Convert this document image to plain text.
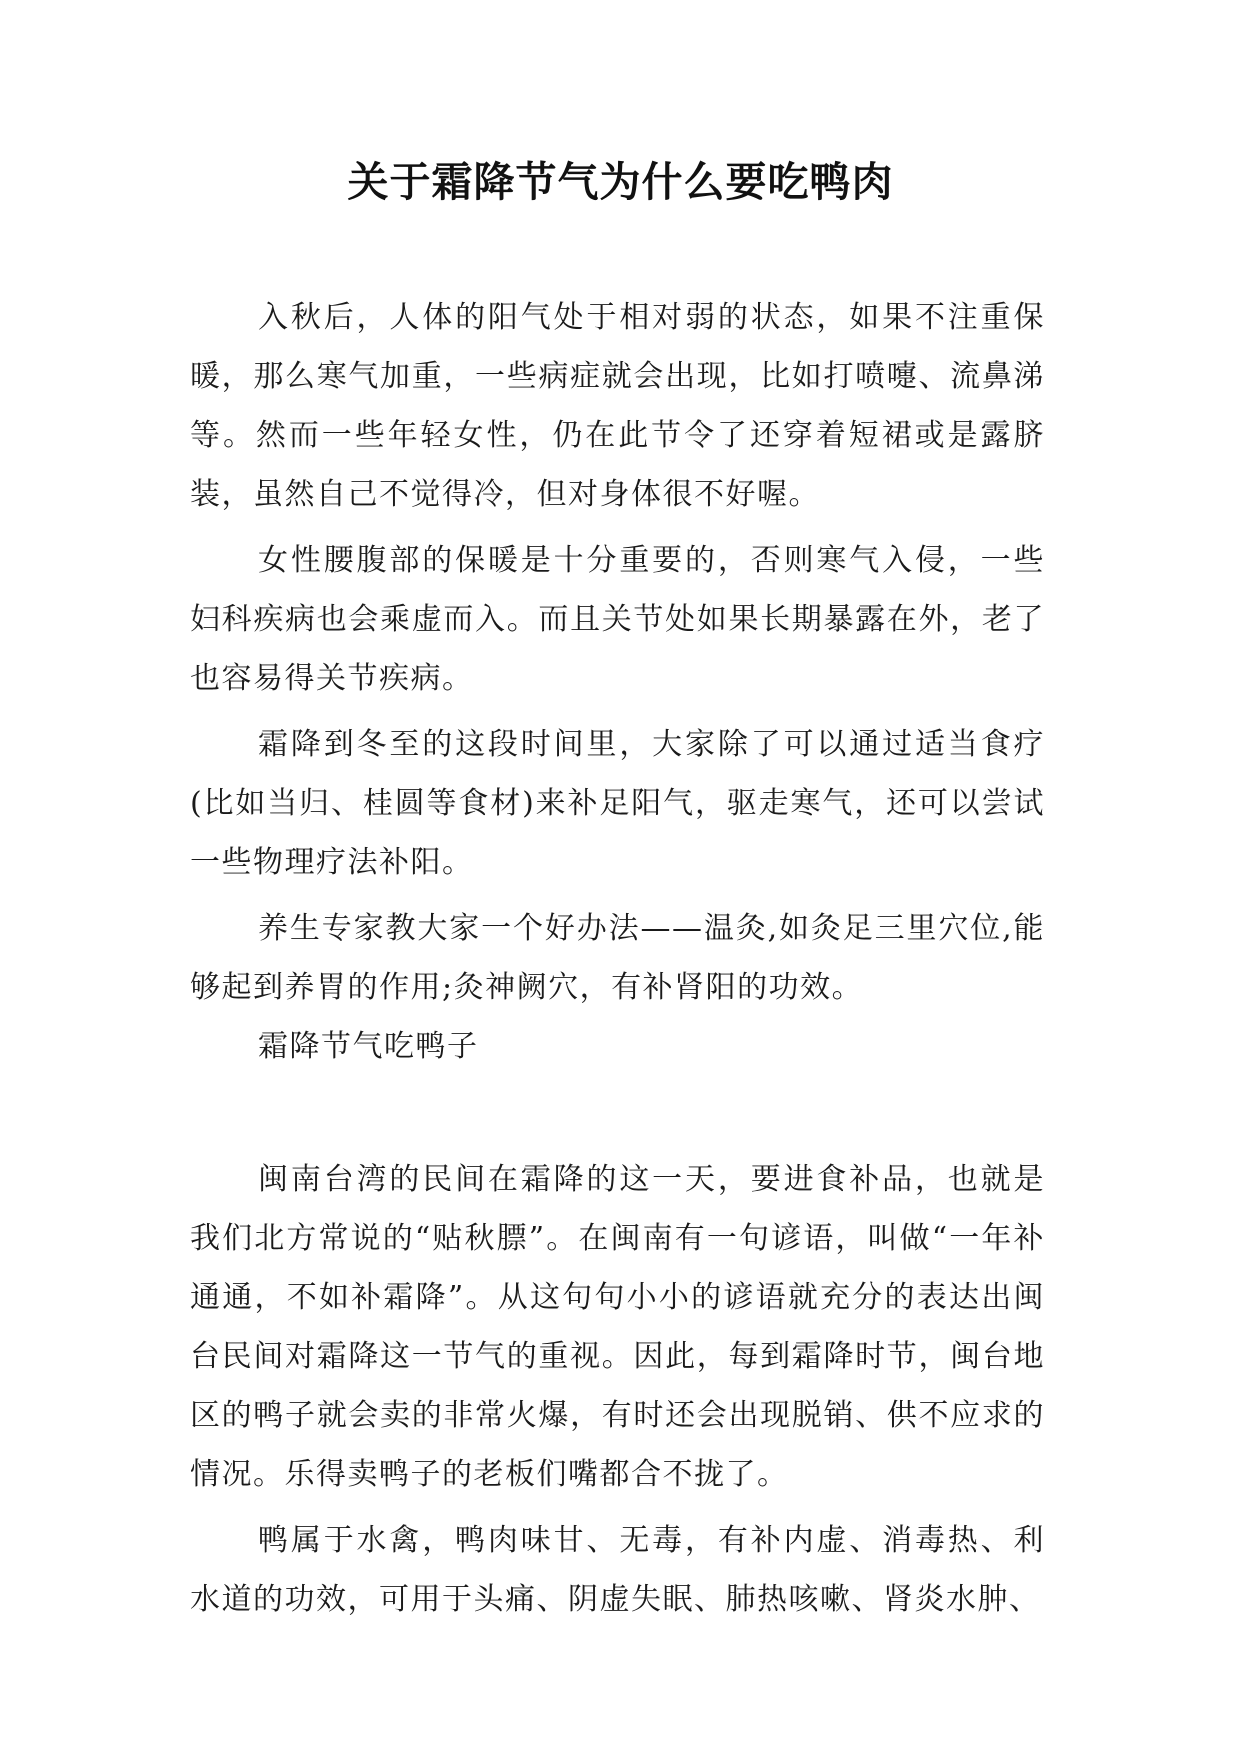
关于霜降节气为什么要吃鸭肉

入秋后，人体的阳气处于相对弱的状态，如果不注重保暖，那么寒气加重，一些病症就会出现，比如打喷嚏、流鼻涕等。然而一些年轻女性，仍在此节令了还穿着短裙或是露脐装，虽然自己不觉得冷，但对身体很不好喔。

女性腰腹部的保暖是十分重要的，否则寒气入侵，一些妇科疾病也会乘虚而入。而且关节处如果长期暴露在外，老了也容易得关节疾病。

霜降到冬至的这段时间里，大家除了可以通过适当食疗(比如当归、桂圆等食材)来补足阳气，驱走寒气，还可以尝试一些物理疗法补阳。

养生专家教大家一个好办法——温灸,如灸足三里穴位,能够起到养胃的作用;灸神阙穴，有补肾阳的功效。

霜降节气吃鸭子

闽南台湾的民间在霜降的这一天，要进食补品，也就是我们北方常说的“贴秋膘”。在闽南有一句谚语，叫做“一年补通通，不如补霜降”。从这句句小小的谚语就充分的表达出闽台民间对霜降这一节气的重视。因此，每到霜降时节，闽台地区的鸭子就会卖的非常火爆，有时还会出现脱销、供不应求的情况。乐得卖鸭子的老板们嘴都合不拢了。

鸭属于水禽，鸭肉味甘、无毒，有补内虚、消毒热、利水道的功效，可用于头痛、阴虚失眠、肺热咳嗽、肾炎水肿、
